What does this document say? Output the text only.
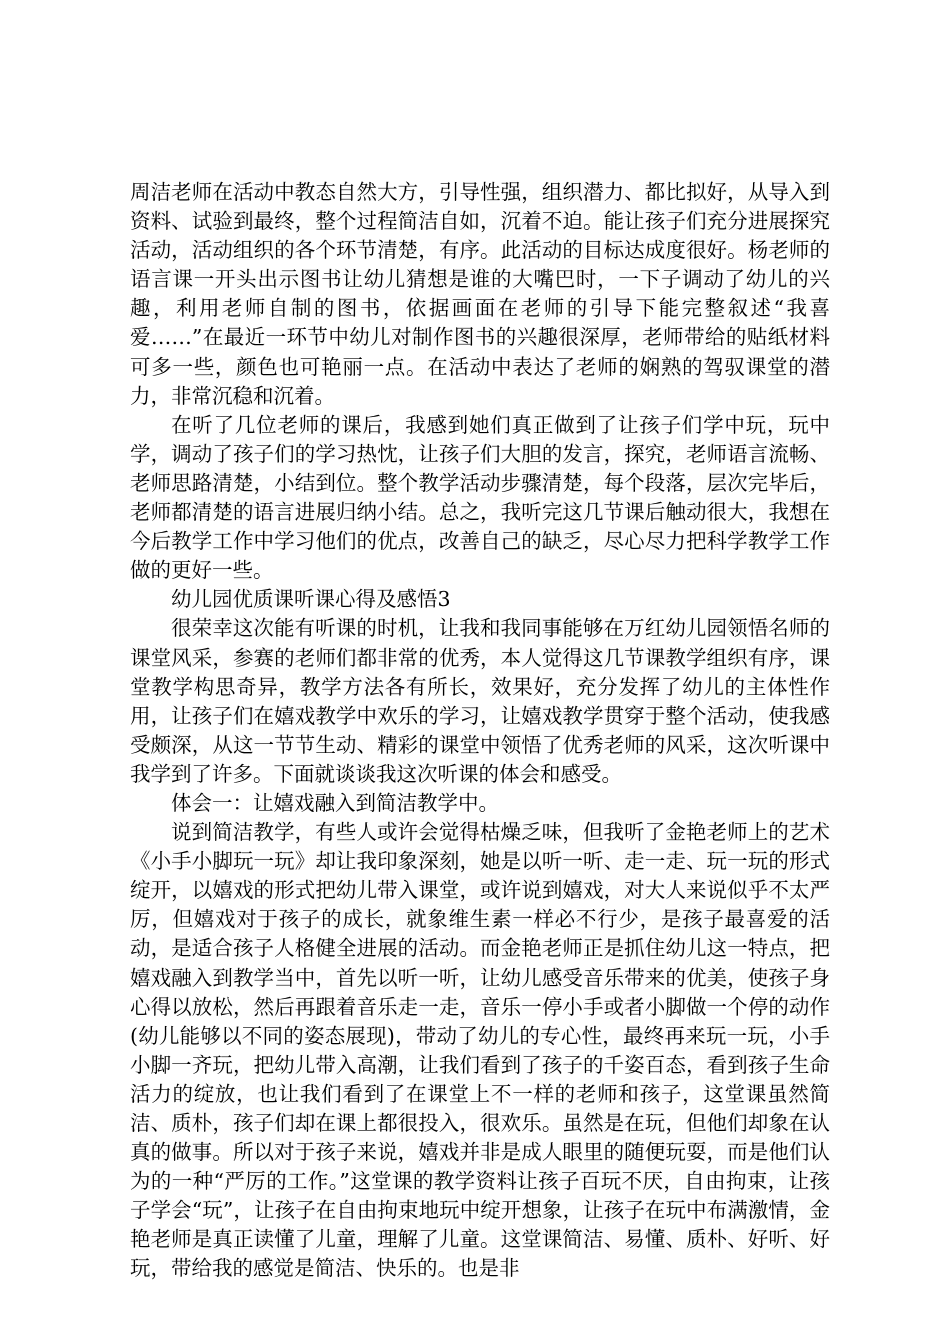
周洁老师在活动中教态自然大方，引导性强，组织潜力、都比拟好，从导入到资料、试验到最终，整个过程简洁自如，沉着不迫。能让孩子们充分进展探究活动，活动组织的各个环节清楚，有序。此活动的目标达成度很好。杨老师的语言课一开头出示图书让幼儿猜想是谁的大嘴巴时，一下子调动了幼儿的兴趣，利用老师自制的图书，依据画面在老师的引导下能完整叙述“我喜爱……”在最近一环节中幼儿对制作图书的兴趣很深厚，老师带给的贴纸材料可多一些，颜色也可艳丽一点。在活动中表达了老师的娴熟的驾驭课堂的潜力，非常沉稳和沉着。

在听了几位老师的课后，我感到她们真正做到了让孩子们学中玩，玩中学，调动了孩子们的学习热忱，让孩子们大胆的发言，探究，老师语言流畅、老师思路清楚，小结到位。整个教学活动步骤清楚，每个段落，层次完毕后，老师都清楚的语言进展归纳小结。总之，我听完这几节课后触动很大，我想在今后教学工作中学习他们的优点，改善自己的缺乏，尽心尽力把科学教学工作做的更好一些。

幼儿园优质课听课心得及感悟3

很荣幸这次能有听课的时机，让我和我同事能够在万红幼儿园领悟名师的课堂风采，参赛的老师们都非常的优秀，本人觉得这几节课教学组织有序，课堂教学构思奇异，教学方法各有所长，效果好，充分发挥了幼儿的主体性作用，让孩子们在嬉戏教学中欢乐的学习，让嬉戏教学贯穿于整个活动，使我感受颇深，从这一节节生动、精彩的课堂中领悟了优秀老师的风采，这次听课中我学到了许多。下面就谈谈我这次听课的体会和感受。

体会一：让嬉戏融入到简洁教学中。

说到简洁教学，有些人或许会觉得枯燥乏味，但我听了金艳老师上的艺术《小手小脚玩一玩》却让我印象深刻，她是以听一听、走一走、玩一玩的形式绽开，以嬉戏的形式把幼儿带入课堂，或许说到嬉戏，对大人来说似乎不太严厉，但嬉戏对于孩子的成长，就象维生素一样必不行少，是孩子最喜爱的活动，是适合孩子人格健全进展的活动。而金艳老师正是抓住幼儿这一特点，把嬉戏融入到教学当中，首先以听一听，让幼儿感受音乐带来的优美，使孩子身心得以放松，然后再跟着音乐走一走，音乐一停小手或者小脚做一个停的动作(幼儿能够以不同的姿态展现)，带动了幼儿的专心性，最终再来玩一玩，小手小脚一齐玩，把幼儿带入高潮，让我们看到了孩子的千姿百态，看到孩子生命活力的绽放，也让我们看到了在课堂上不一样的老师和孩子，这堂课虽然简洁、质朴，孩子们却在课上都很投入，很欢乐。虽然是在玩，但他们却象在认真的做事。所以对于孩子来说，嬉戏并非是成人眼里的随便玩耍，而是他们认为的一种“严厉的工作。”这堂课的教学资料让孩子百玩不厌，自由拘束，让孩子学会“玩”，让孩子在自由拘束地玩中绽开想象，让孩子在玩中布满激情，金艳老师是真正读懂了儿童，理解了儿童。这堂课简洁、易懂、质朴、好听、好玩，带给我的感觉是简洁、快乐的。也是非
